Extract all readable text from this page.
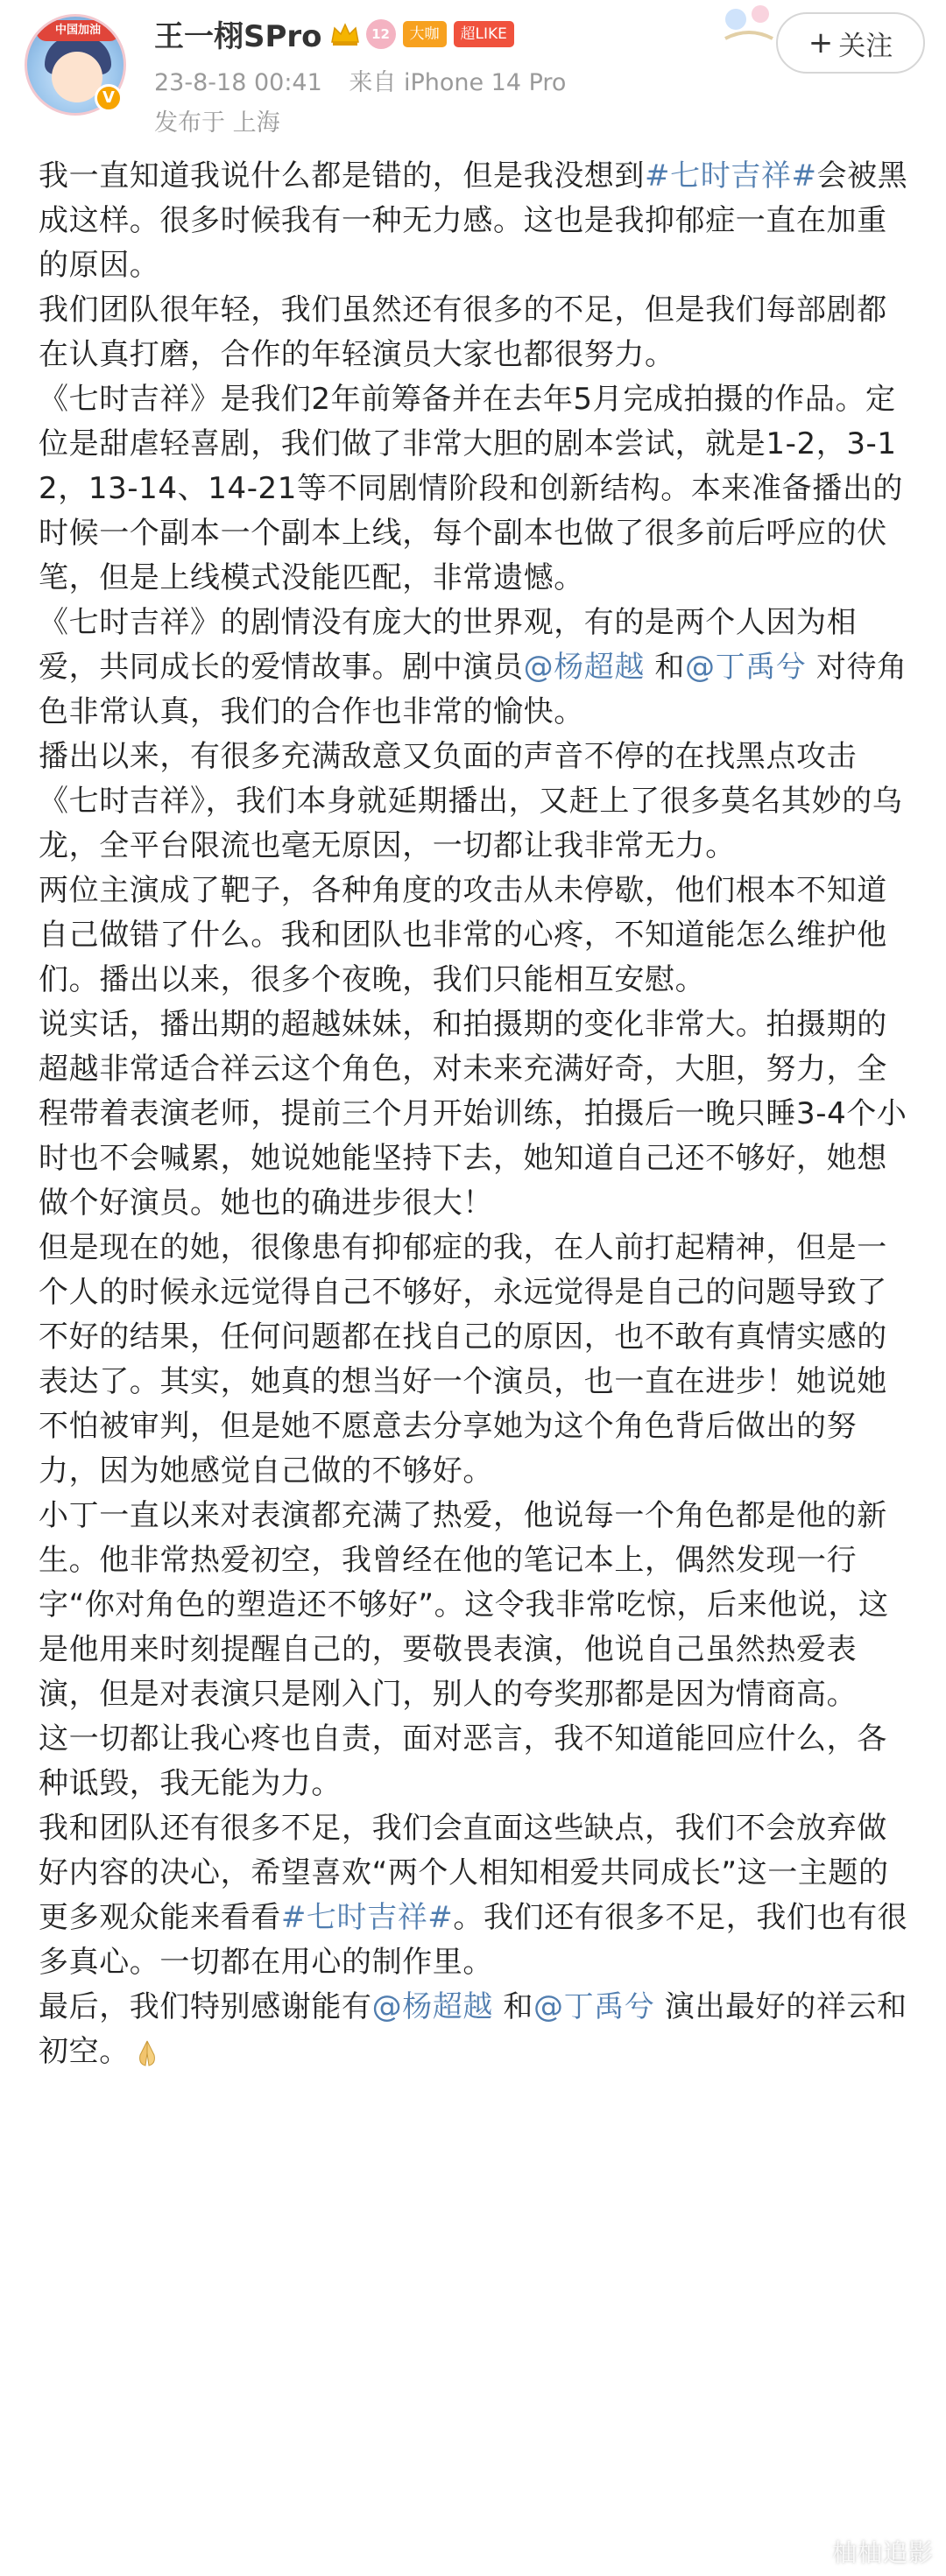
中国加油
V
王一栩SPro	12	大咖	超LIKE
23-8-18 00:41 来自 iPhone 14 Pro
发布于 上海
+ 关注

我一直知道我说什么都是错的，但是我没想到#七时吉祥#会被黑成这样。很多时候我有一种无力感。这也是我抑郁症一直在加重的原因。

我们团队很年轻，我们虽然还有很多的不足，但是我们每部剧都在认真打磨，合作的年轻演员大家也都很努力。

《七时吉祥》是我们2年前筹备并在去年5月完成拍摄的作品。定位是甜虐轻喜剧，我们做了非常大胆的剧本尝试，就是1-2，3-12，13-14、14-21等不同剧情阶段和创新结构。本来准备播出的时候一个副本一个副本上线，每个副本也做了很多前后呼应的伏笔，但是上线模式没能匹配，非常遗憾。

《七时吉祥》的剧情没有庞大的世界观，有的是两个人因为相爱，共同成长的爱情故事。剧中演员@杨超越 和@丁禹兮 对待角色非常认真，我们的合作也非常的愉快。

播出以来，有很多充满敌意又负面的声音不停的在找黑点攻击《七时吉祥》，我们本身就延期播出，又赶上了很多莫名其妙的乌龙，全平台限流也毫无原因，一切都让我非常无力。

两位主演成了靶子，各种角度的攻击从未停歇，他们根本不知道自己做错了什么。我和团队也非常的心疼，不知道能怎么维护他们。播出以来，很多个夜晚，我们只能相互安慰。

说实话，播出期的超越妹妹，和拍摄期的变化非常大。拍摄期的超越非常适合祥云这个角色，对未来充满好奇，大胆，努力，全程带着表演老师，提前三个月开始训练，拍摄后一晚只睡3-4个小时也不会喊累，她说她能坚持下去，她知道自己还不够好，她想做个好演员。她也的确进步很大！

但是现在的她，很像患有抑郁症的我，在人前打起精神，但是一个人的时候永远觉得自己不够好，永远觉得是自己的问题导致了不好的结果，任何问题都在找自己的原因，也不敢有真情实感的表达了。其实，她真的想当好一个演员，也一直在进步！她说她不怕被审判，但是她不愿意去分享她为这个角色背后做出的努力，因为她感觉自己做的不够好。

小丁一直以来对表演都充满了热爱，他说每一个角色都是他的新生。他非常热爱初空，我曾经在他的笔记本上，偶然发现一行字“你对角色的塑造还不够好”。这令我非常吃惊，后来他说，这是他用来时刻提醒自己的，要敬畏表演，他说自己虽然热爱表演，但是对表演只是刚入门，别人的夸奖那都是因为情商高。

这一切都让我心疼也自责，面对恶言，我不知道能回应什么，各种诋毁，我无能为力。

我和团队还有很多不足，我们会直面这些缺点，我们不会放弃做好内容的决心，希望喜欢“两个人相知相爱共同成长”这一主题的更多观众能来看看#七时吉祥#。我们还有很多不足，我们也有很多真心。一切都在用心的制作里。

最后，我们特别感谢能有@杨超越 和@丁禹兮 演出最好的祥云和初空。

柚柚追影
